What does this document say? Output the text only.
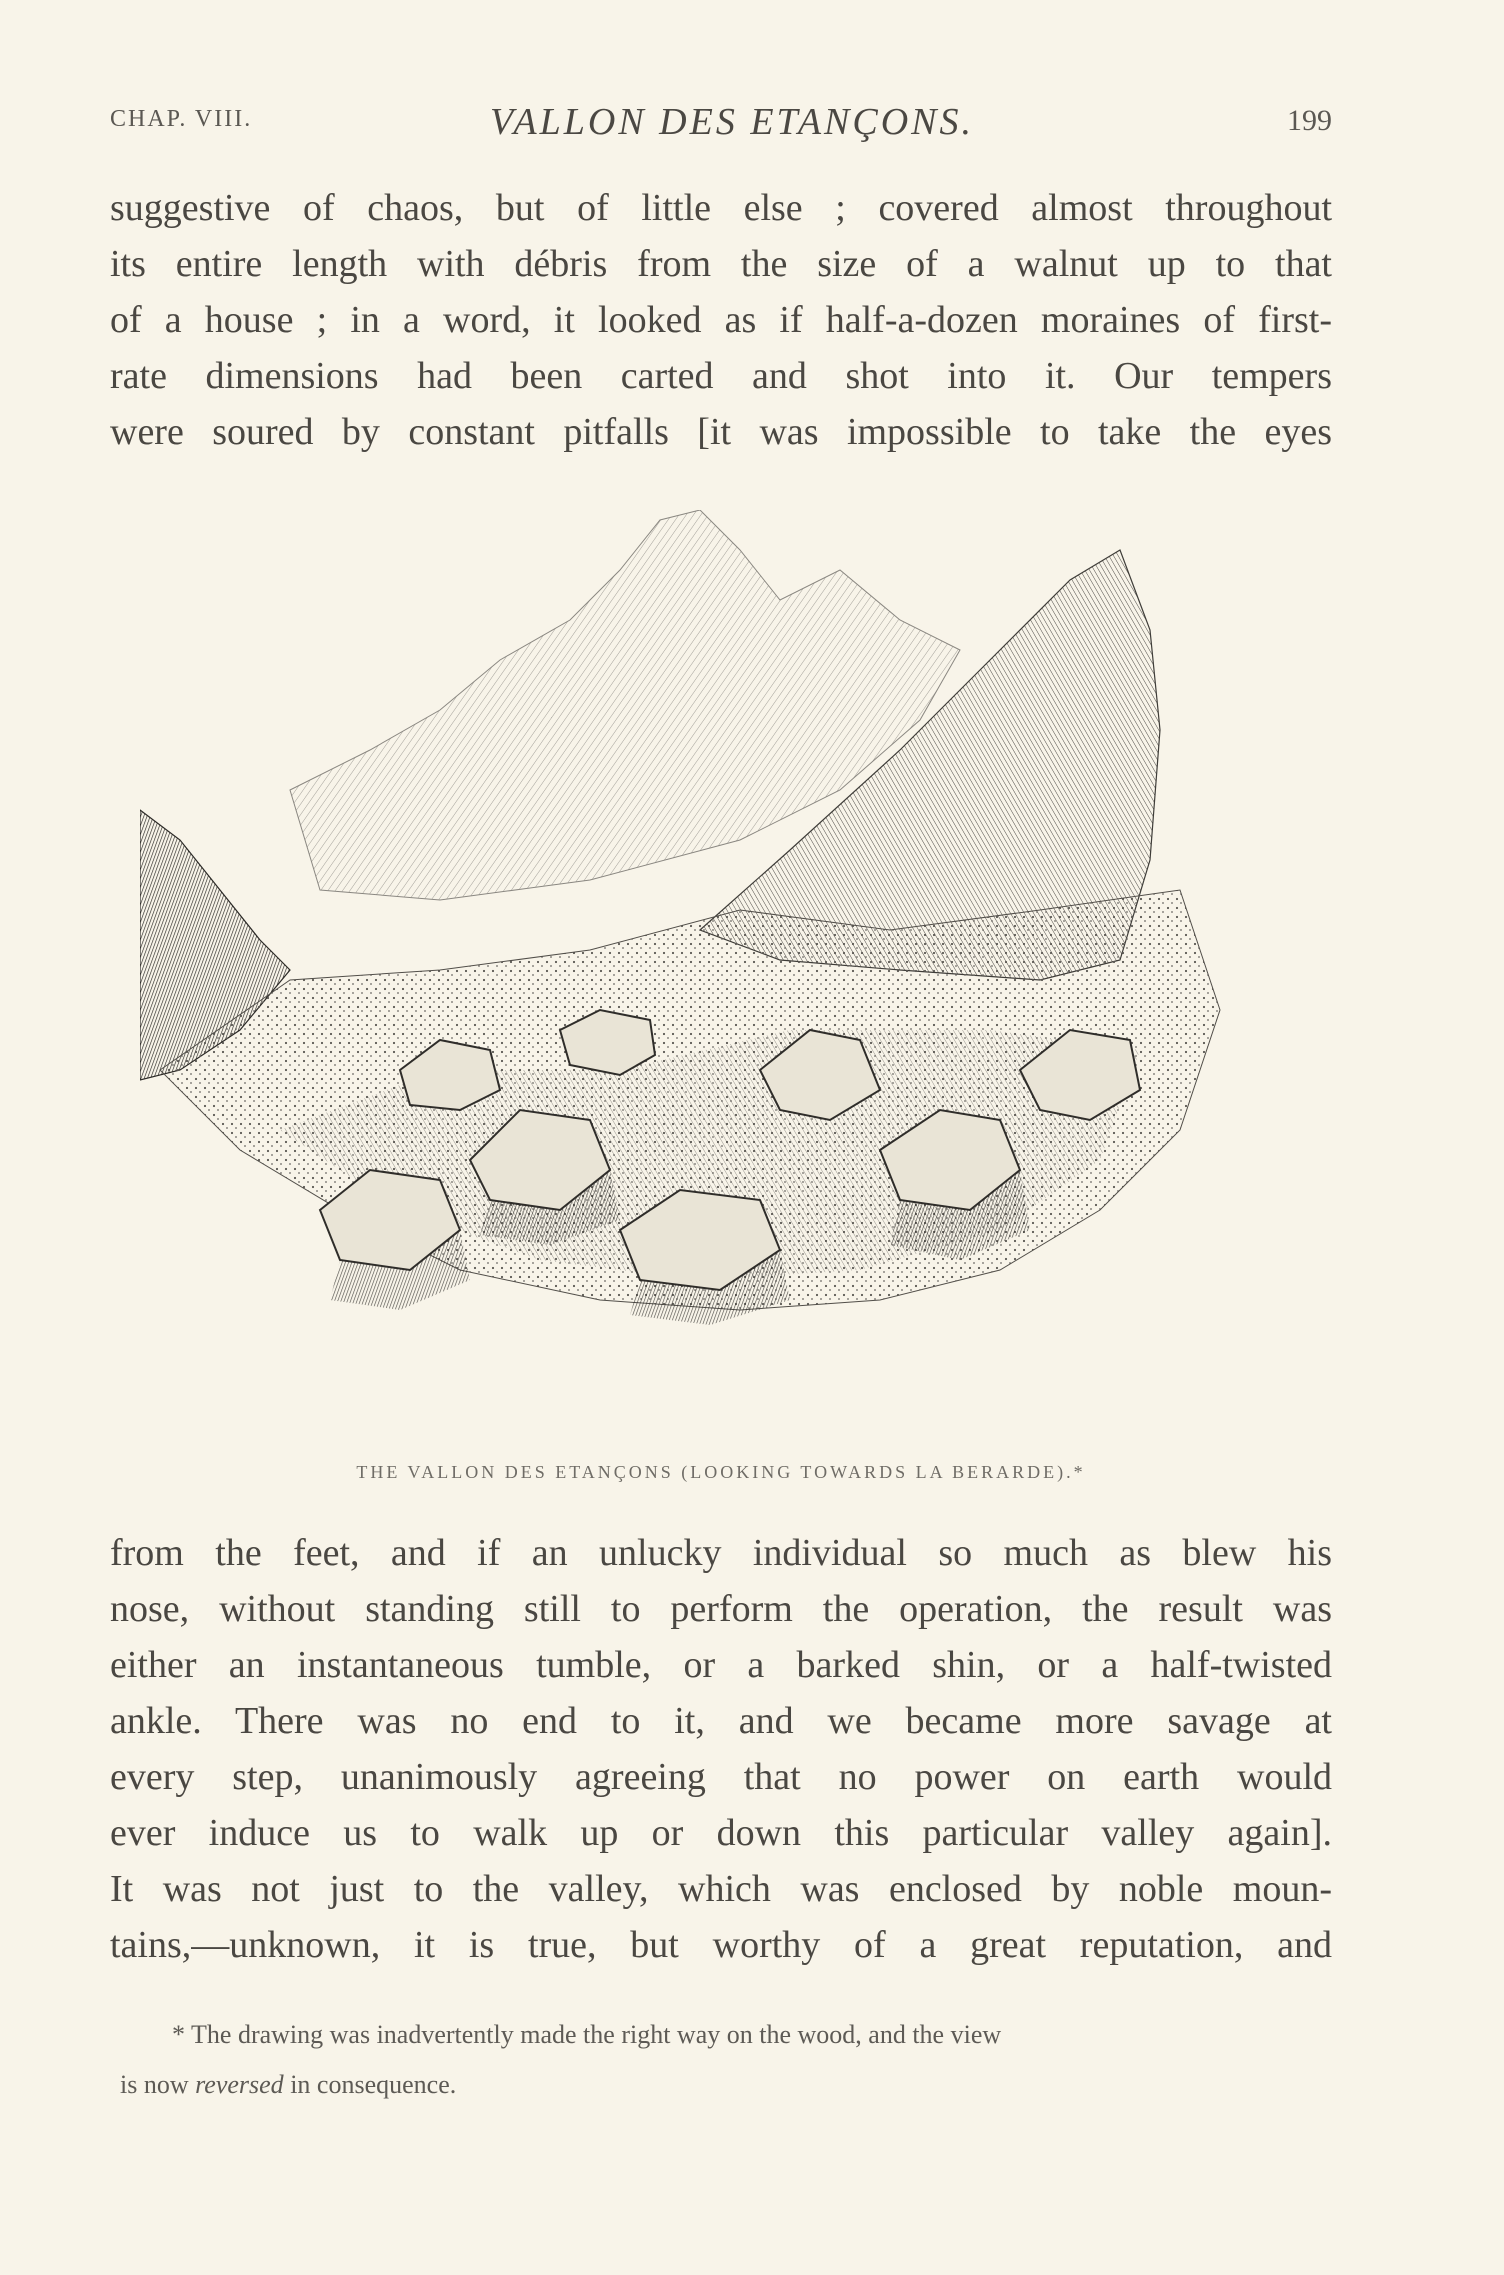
CHAP. VIII.	VALLON DES ETANÇONS.	199
suggestive of chaos, but of little else ; covered almost throughout
its entire length with débris from the size of a walnut up to that
of a house ; in a word, it looked as if half-a-dozen moraines of first-
rate dimensions had been carted and shot into it. Our tempers
were soured by constant pitfalls [it was impossible to take the eyes
THE VALLON DES ETANÇONS (LOOKING TOWARDS LA BERARDE).*
from the feet, and if an unlucky individual so much as blew his
nose, without standing still to perform the operation, the result was
either an instantaneous tumble, or a barked shin, or a half-twisted
ankle. There was no end to it, and we became more savage at
every step, unanimously agreeing that no power on earth would
ever induce us to walk up or down this particular valley again].
It was not just to the valley, which was enclosed by noble moun-
tains,—unknown, it is true, but worthy of a great reputation, and
* The drawing was inadvertently made the right way on the wood, and the view
is now reversed in consequence.
